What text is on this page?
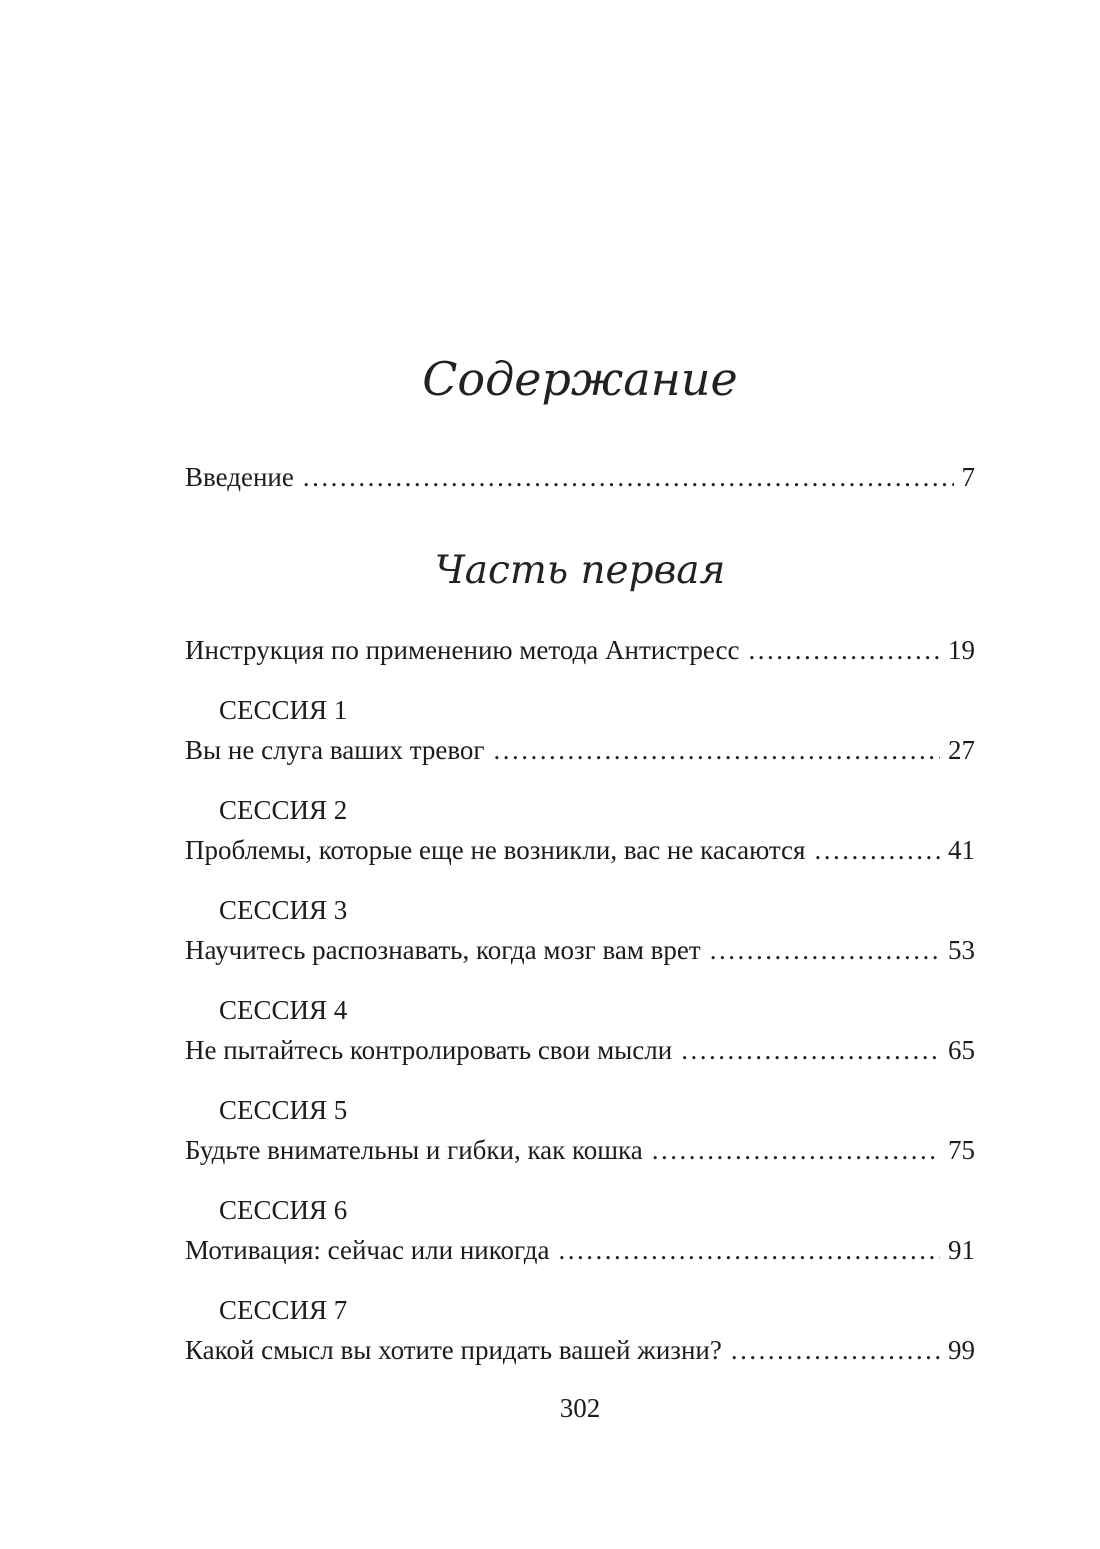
Содержание
Введение .....	7
Часть первая
Инструкция по применению метода Антистресс .....	19
СЕССИЯ 1
Вы не слуга ваших тревог .....	27
СЕССИЯ 2
Проблемы, которые еще не возникли, вас не касаются .....	41
СЕССИЯ 3
Научитесь распознавать, когда мозг вам врет .....	53
СЕССИЯ 4
Не пытайтесь контролировать свои мысли .....	65
СЕССИЯ 5
Будьте внимательны и гибки, как кошка .....	75
СЕССИЯ 6
Мотивация: сейчас или никогда .....	91
СЕССИЯ 7
Какой смысл вы хотите придать вашей жизни? .....	99
302
